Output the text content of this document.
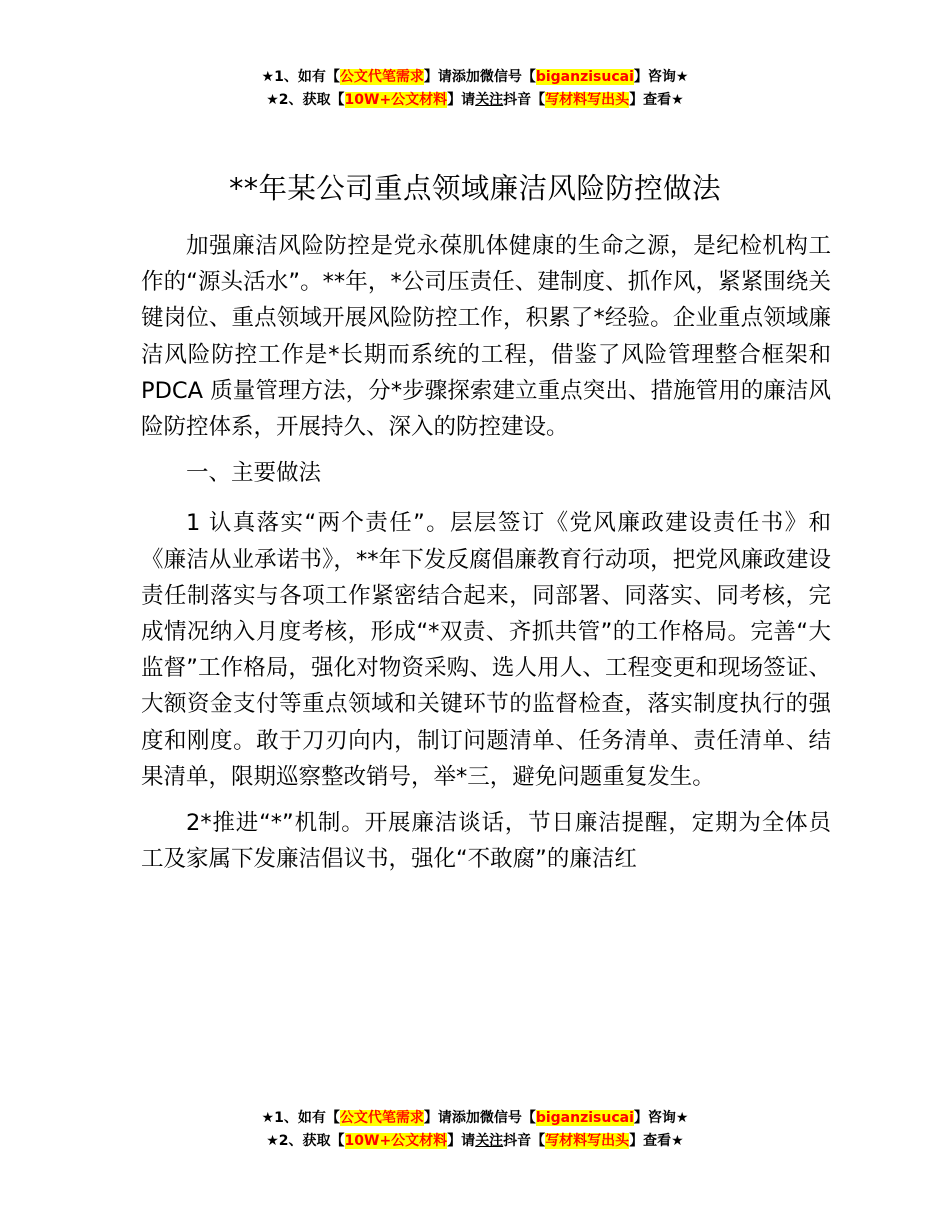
★1、如有【公文代笔需求】请添加微信号【biganzisucai】咨询★
★2、获取【10W+公文材料】请关注抖音【写材料写出头】查看★
**年某公司重点领域廉洁风险防控做法

加强廉洁风险防控是党永葆肌体健康的生命之源，是纪检机构工作的“源头活水”。**年，*公司压责任、建制度、抓作风，紧紧围绕关键岗位、重点领域开展风险防控工作，积累了*经验。企业重点领域廉洁风险防控工作是*长期而系统的工程，借鉴了风险管理整合框架和 PDCA 质量管理方法，分*步骤探索建立重点突出、措施管用的廉洁风险防控体系，开展持久、深入的防控建设。

一、主要做法

1 认真落实“两个责任”。层层签订《党风廉政建设责任书》和《廉洁从业承诺书》，**年下发反腐倡廉教育行动项，把党风廉政建设责任制落实与各项工作紧密结合起来，同部署、同落实、同考核，完成情况纳入月度考核，形成“*双责、齐抓共管”的工作格局。完善“大监督”工作格局，强化对物资采购、选人用人、工程变更和现场签证、大额资金支付等重点领域和关键环节的监督检查，落实制度执行的强度和刚度。敢于刀刃向内，制订问题清单、任务清单、责任清单、结果清单，限期巡察整改销号，举*三，避免问题重复发生。

2*推进“*”机制。开展廉洁谈话，节日廉洁提醒，定期为全体员工及家属下发廉洁倡议书，强化“不敢腐”的廉洁红

★1、如有【公文代笔需求】请添加微信号【biganzisucai】咨询★
★2、获取【10W+公文材料】请关注抖音【写材料写出头】查看★
